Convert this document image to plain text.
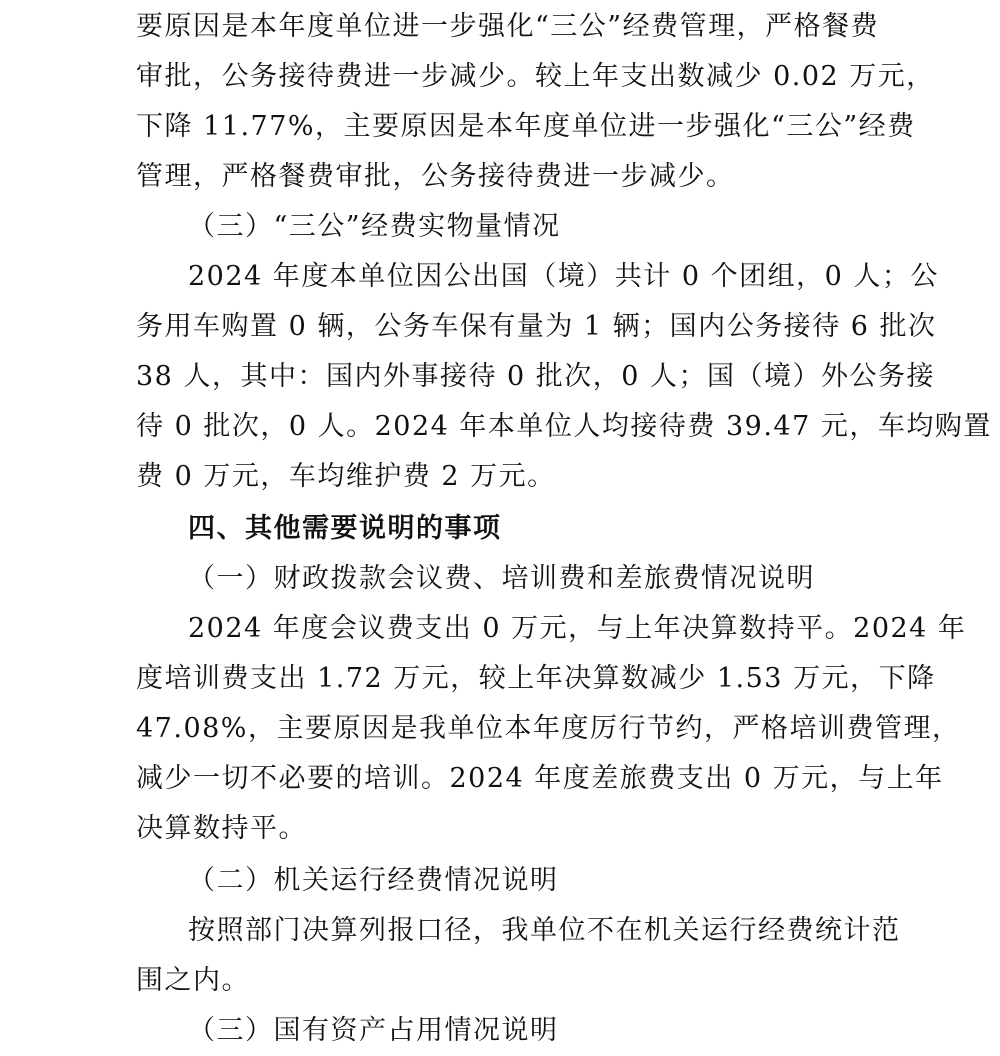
要原因是本年度单位进一步强化“三公”经费管理，严格餐费
审批，公务接待费进一步减少。较上年支出数减少 0.02 万元，
下降 11.77%，主要原因是本年度单位进一步强化“三公”经费
管理，严格餐费审批，公务接待费进一步减少。
（三）“三公”经费实物量情况
2024 年度本单位因公出国（境）共计 0 个团组，0 人；公
务用车购置 0 辆，公务车保有量为 1 辆；国内公务接待 6 批次
38 人，其中：国内外事接待 0 批次，0 人；国（境）外公务接
待 0 批次，0 人。2024 年本单位人均接待费 39.47 元，车均购置
费 0 万元，车均维护费 2 万元。
四、其他需要说明的事项
（一）财政拨款会议费、培训费和差旅费情况说明
2024 年度会议费支出 0 万元，与上年决算数持平。2024 年
度培训费支出 1.72 万元，较上年决算数减少 1.53 万元，下降
47.08%，主要原因是我单位本年度厉行节约，严格培训费管理，
减少一切不必要的培训。2024 年度差旅费支出 0 万元，与上年
决算数持平。
（二）机关运行经费情况说明
按照部门决算列报口径，我单位不在机关运行经费统计范
围之内。
（三）国有资产占用情况说明
